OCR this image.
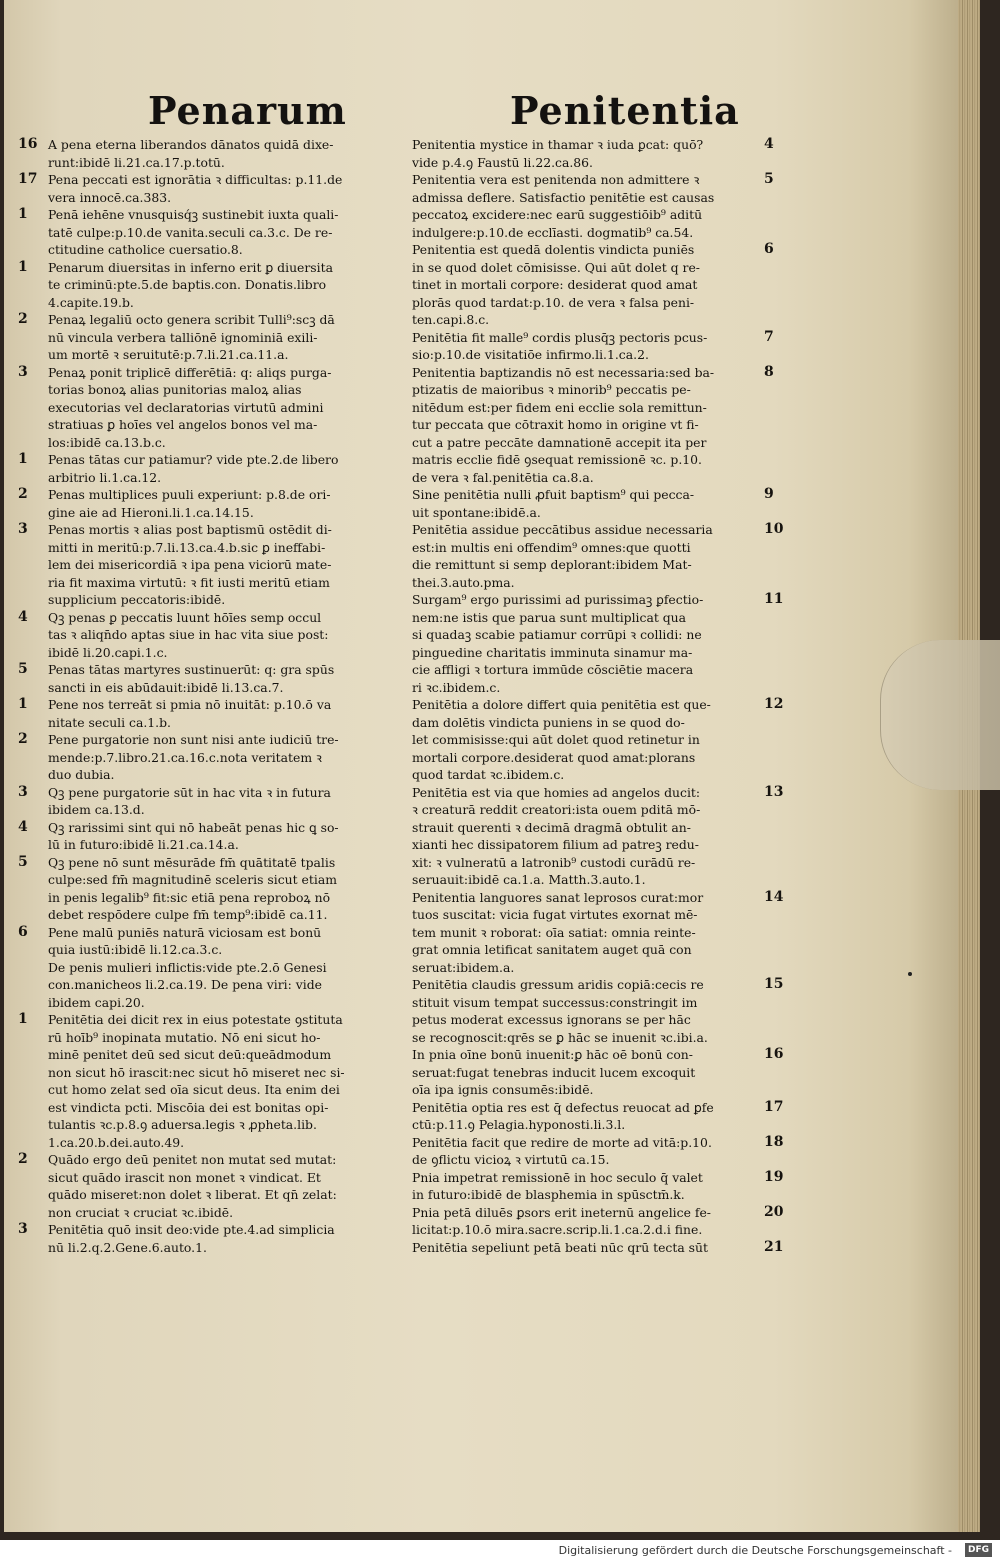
Penarum	Penitentia
16 A pena eterna liberandos dānatos quidā dixe-
runt:ibidē li.21.ca.17.p.totū.
17 Pena peccati est ignorātia ꝛ difficultas: p.11.de
vera innocē.ca.383.
1 Penā iehēne vnusquisq́ꝫ sustinebit iuxta quali-
tatē culpe:p.10.de vanita.seculi ca.3.c. De re-
ctitudine catholice cuersatio.8.
1 Penarum diuersitas in inferno erit ꝑ diuersita
te criminū:pte.5.de baptis.con. Donatis.libro
4.capite.19.b.
2 Penaꝝ legaliū octo genera scribit Tulli⁹:scꝫ dā
nū vincula verbera talliōnē ignominiā exili-
um mortē ꝛ seruitutē:p.7.li.21.ca.11.a.
3 Penaꝝ ponit triplicē differētiā: q: aliqs purga-
torias bonoꝝ alias punitorias maloꝝ alias
executorias vel declaratorias virtutū admini
stratiuas ꝑ hoīes vel angelos bonos vel ma-
los:ibidē ca.13.b.c.
1 Penas tātas cur patiamur? vide pte.2.de libero
arbitrio li.1.ca.12.
2 Penas multiplices puuli experiunt: p.8.de ori-
gine aie ad Hieroni.li.1.ca.14.15.
3 Penas mortis ꝛ alias post baptismū ostēdit di-
mitti in meritū:p.7.li.13.ca.4.b.sic ꝑ ineffabi-
lem dei misericordiā ꝛ ipa pena viciorū mate-
ria fit maxima virtutū: ꝛ fit iusti meritū etiam
supplicium peccatoris:ibidē.
4 Qꝫ penas ꝑ peccatis luunt hōīes semp occul
tas ꝛ aliqn̄do aptas siue in hac vita siue post:
ibidē li.20.capi.1.c.
5 Penas tātas martyres sustinuerūt: q: gra spūs
sancti in eis abūdauit:ibidē li.13.ca.7.
1 Pene nos terreāt si pmia nō inuitāt: p.10.ō va
nitate seculi ca.1.b.
2 Pene purgatorie non sunt nisi ante iudiciū tre-
mende:p.7.libro.21.ca.16.c.nota veritatem ꝛ
duo dubia.
3 Qꝫ pene purgatorie sūt in hac vita ꝛ in futura
ibidem ca.13.d.
4 Qꝫ rarissimi sint qui nō habeāt penas hic ꝗ so-
lū in futuro:ibidē li.21.ca.14.a.
5 Qꝫ pene nō sunt mēsurāde fm̄ quātitatē tpalis
culpe:sed fm̄ magnitudinē sceleris sicut etiam
in penis legalib⁹ fit:sic etiā pena reproboꝝ nō
debet respōdere culpe fm̄ temp⁹:ibidē ca.11.
6 Pene malū puniēs naturā viciosam est bonū
quia iustū:ibidē li.12.ca.3.c.
De penis mulieri inflictis:vide pte.2.ō Genesi
con.manicheos li.2.ca.19. De pena viri: vide
ibidem capi.20.
1 Penitētia dei dicit rex in eius potestate ꝯstituta
rū hoīb⁹ inopinata mutatio. Nō eni sicut ho-
minē penitet deū sed sicut deū:queādmodum
non sicut hō irascit:nec sicut hō miseret nec si-
cut homo zelat sed oīa sicut deus. Ita enim dei
est vindicta pcti. Miscōia dei est bonitas opi-
tulantis ꝛc.p.8.ꝯ aduersa.legis ꝛ ꝓpheta.lib.
1.ca.20.b.dei.auto.49.
2 Quādo ergo deū penitet non mutat sed mutat:
sicut quādo irascit non monet ꝛ vindicat. Et
quādo miseret:non dolet ꝛ liberat. Et qn̄ zelat:
non cruciat ꝛ cruciat ꝛc.ibidē.
3 Penitētia quō insit deo:vide pte.4.ad simplicia
nū li.2.q.2.Gene.6.auto.1.
4
Penitentia mystice in thamar ꝛ iuda ꝑcat: quō?
vide p.4.ꝯ Faustū li.22.ca.86.
5
Penitentia vera est penitenda non admittere ꝛ
admissa deflere. Satisfactio penitētie est causas
peccatoꝝ excidere:nec earū suggestiōib⁹ aditū
indulgere:p.10.de ecclīasti. dogmatib⁹ ca.54.
6
Penitentia est quedā dolentis vindicta puniēs
in se quod dolet cōmisisse. Qui aūt dolet q re-
tinet in mortali corpore: desiderat quod amat
plorās quod tardat:p.10. de vera ꝛ falsa peni-
ten.capi.8.c.
7
Penitētia fit malle⁹ cordis plusq̄ꝫ pectoris pcus-
sio:p.10.de visitatiōe infirmo.li.1.ca.2.
8
Penitentia baptizandis nō est necessaria:sed ba-
ptizatis de maioribus ꝛ minorib⁹ peccatis pe-
nitēdum est:per fidem eni ecclie sola remittun-
tur peccata que cōtraxit homo in origine vt fi-
cut a patre peccāte damnationē accepit ita per
matris ecclie fidē ꝯsequat remissionē ꝛc. p.10.
de vera ꝛ fal.penitētia ca.8.a.
9
Sine penitētia nulli ꝓfuit baptism⁹ qui pecca-
uit spontane:ibidē.a.
10
Penitētia assidue peccātibus assidue necessaria
est:in multis eni offendim⁹ omnes:que quotti
die remittunt si semp deplorant:ibidem Mat-
thei.3.auto.pma.
11
Surgam⁹ ergo purissimi ad purissimaꝫ ꝑfectio-
nem:ne istis que parua sunt multiplicat qua
si quadaꝫ scabie patiamur corrūpi ꝛ collidi: ne
pinguedine charitatis imminuta sinamur ma-
cie affligi ꝛ tortura immūde cōsciētie macera
ri ꝛc.ibidem.c.
12
Penitētia a dolore differt quia penitētia est que-
dam dolētis vindicta puniens in se quod do-
let commisisse:qui aūt dolet quod retinetur in
mortali corpore.desiderat quod amat:plorans
quod tardat ꝛc.ibidem.c.
13
Penitētia est via que homies ad angelos ducit:
ꝛ creaturā reddit creatori:ista ouem pditā mō-
strauit querenti ꝛ decimā dragmā obtulit an-
xianti hec dissipatorem filium ad patreꝫ redu-
xit: ꝛ vulneratū a latronib⁹ custodi curādū re-
seruauit:ibidē ca.1.a. Matth.3.auto.1.
14
Penitentia languores sanat leprosos curat:mor
tuos suscitat: vicia fugat virtutes exornat mē-
tem munit ꝛ roborat: oīa satiat: omnia reinte-
grat omnia letificat sanitatem auget quā con
seruat:ibidem.a.
15
Penitētia claudis gressum aridis copiā:cecis re
stituit visum tempat successus:constringit im
petus moderat excessus ignorans se per hāc
se recognoscit:qrēs se ꝑ hāc se inuenit ꝛc.ibi.a.
16
In pnia oīne bonū inuenit:ꝑ hāc oē bonū con-
seruat:fugat tenebras inducit lucem excoquit
oīa ipa ignis consumēs:ibidē.
17
Penitētia optia res est q̄ defectus reuocat ad ꝑfe
ctū:p.11.ꝯ Pelagia.hyponosti.li.3.l.
18
Penitētia facit que redire de morte ad vitā:p.10.
de ꝯflictu vicioꝝ ꝛ virtutū ca.15.
19
Pnia impetrat remissionē in hoc seculo q̄ valet
in futuro:ibidē de blasphemia in spūsctm̄.k.
20
Pnia petā diluēs ꝑsors erit ineternū angelice fe-
licitat:p.10.ō mira.sacre.scrip.li.1.ca.2.d.i fine.
21
Penitētia sepeliunt petā beati nūc qrū tecta sūt
Digitalisierung gefördert durch die Deutsche Forschungsgemeinschaft -	DFG
